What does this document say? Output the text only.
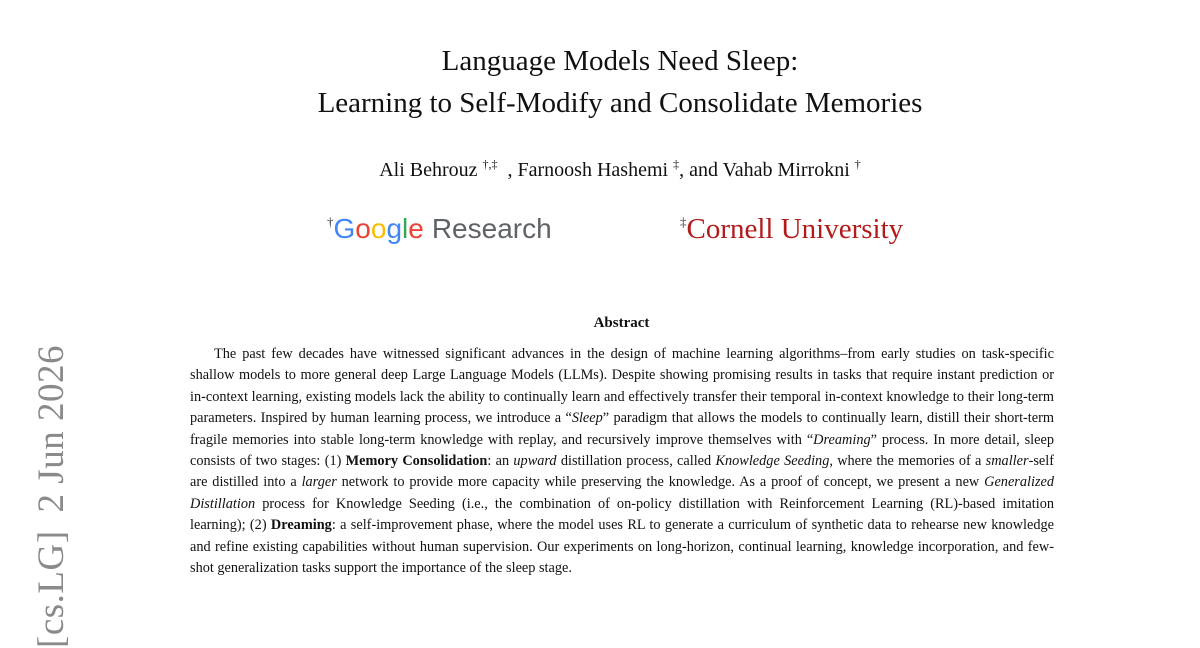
[cs.LG]2 Jun 2026
Language Models Need Sleep:
Learning to Self-Modify and Consolidate Memories
Ali Behrouz †,‡ , Farnoosh Hashemi ‡, and Vahab Mirrokni †
†Google Research	‡Cornell University
Abstract

The past few decades have witnessed significant advances in the design of machine learning algorithms–from early studies on task-specific shallow models to more general deep Large Language Models (LLMs). Despite showing promising results in tasks that require instant prediction or in-context learning, existing models lack the ability to continually learn and effectively transfer their temporal in-context knowledge to their long-term parameters. Inspired by human learning process, we introduce a “Sleep” paradigm that allows the models to continually learn, distill their short-term fragile memories into stable long-term knowledge with replay, and recursively improve themselves with “Dreaming” process. In more detail, sleep consists of two stages: (1) Memory Consolidation: an upward distillation process, called Knowledge Seeding, where the memories of a smaller-self are distilled into a larger network to provide more capacity while preserving the knowledge. As a proof of concept, we present a new Generalized Distillation process for Knowledge Seeding (i.e., the combination of on-policy distillation with Reinforcement Learning (RL)-based imitation learning); (2) Dreaming: a self-improvement phase, where the model uses RL to generate a curriculum of synthetic data to rehearse new knowledge and refine existing capabilities without human supervision. Our experiments on long-horizon, continual learning, knowledge incorporation, and few-shot generalization tasks support the importance of the sleep stage.
